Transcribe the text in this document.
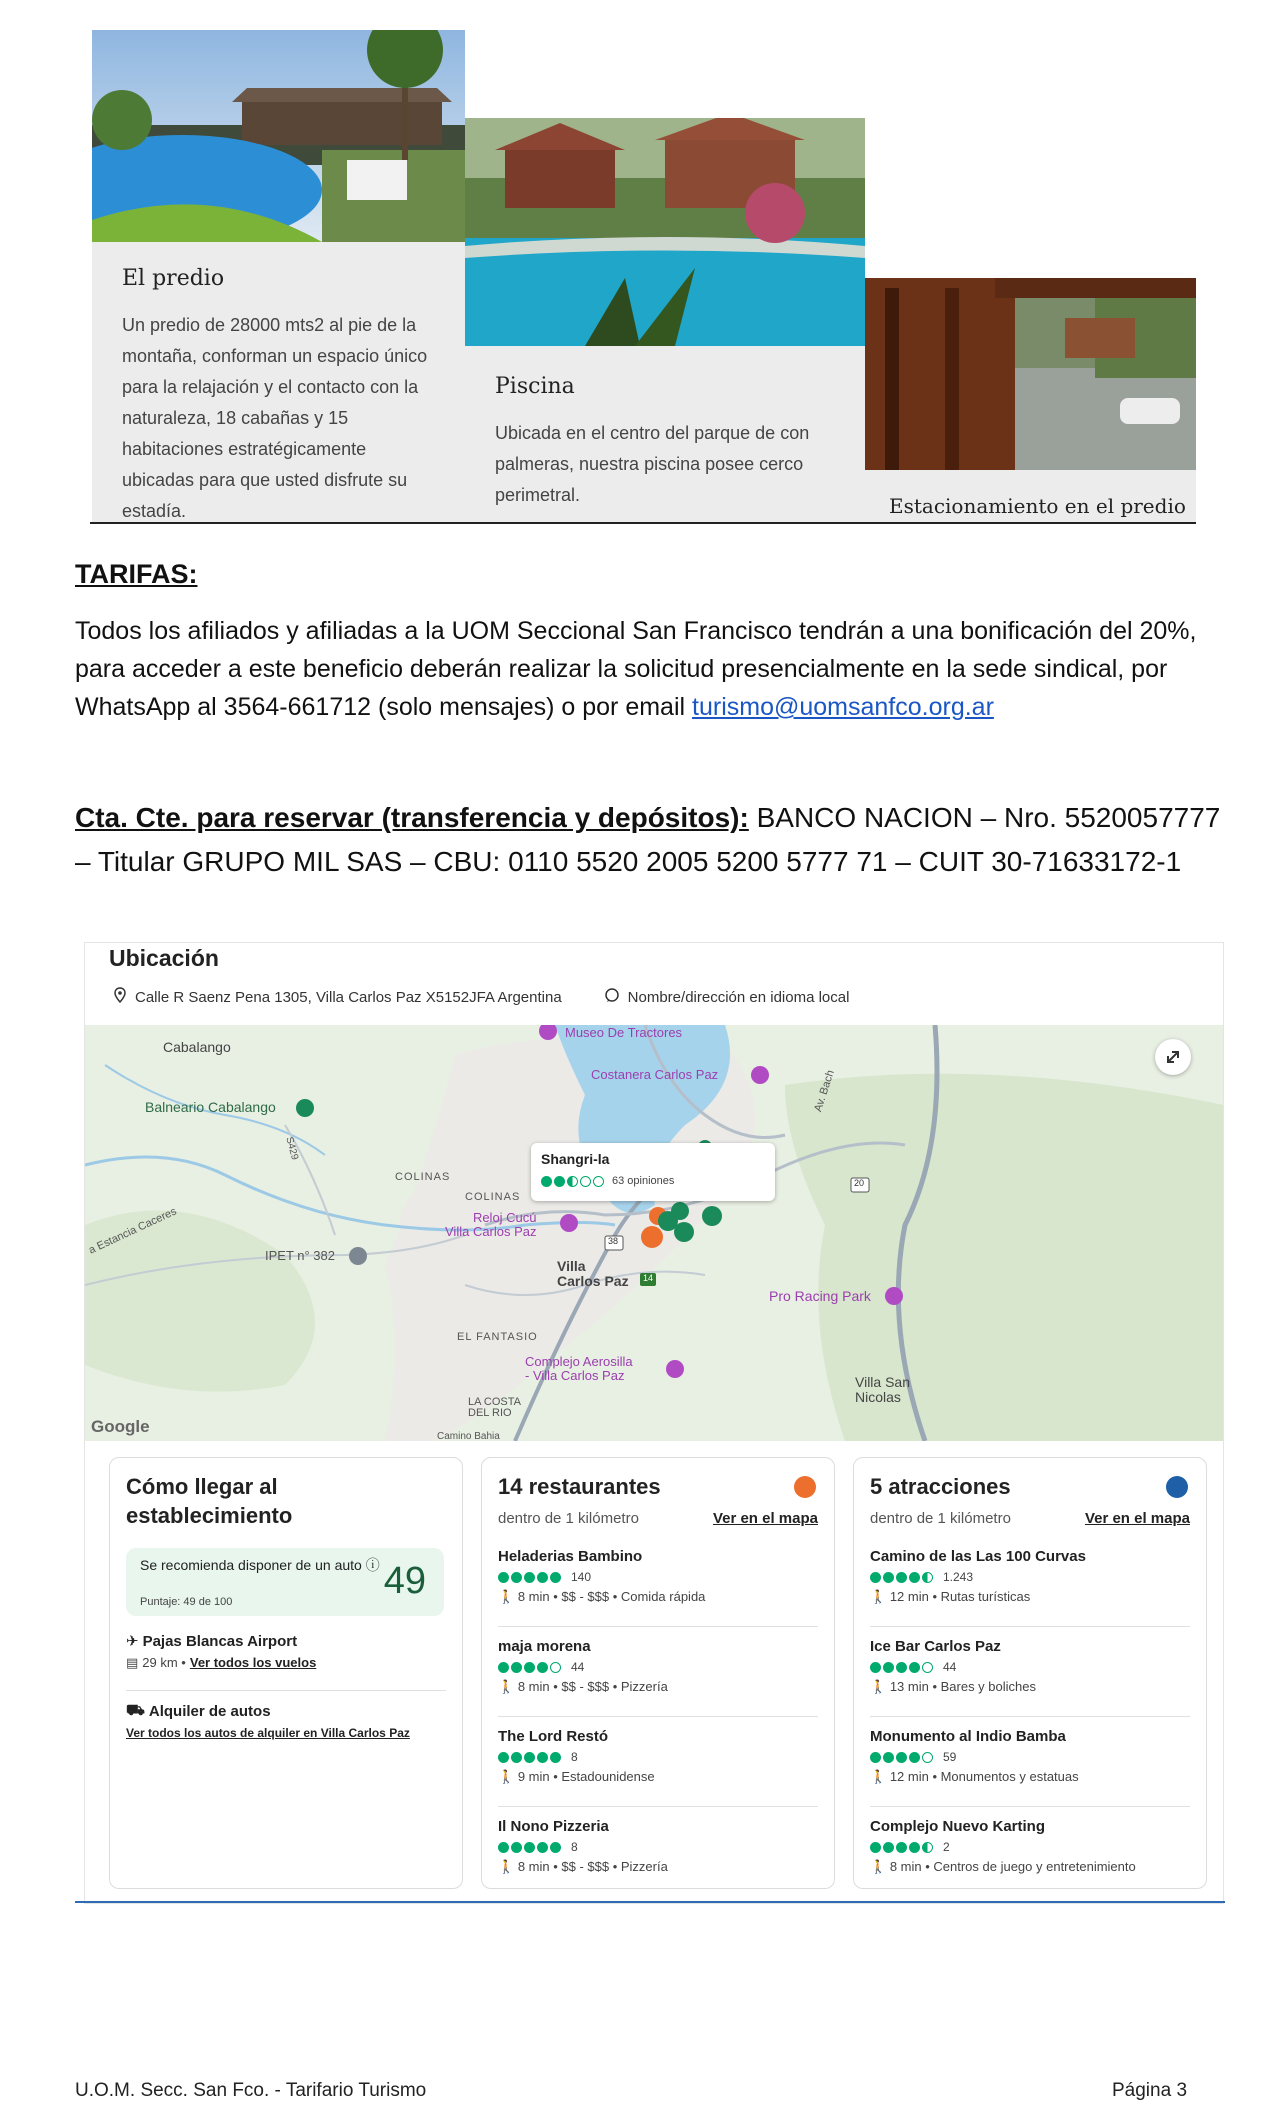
El predio

Un predio de 28000 mts2 al pie de la montaña, conforman un espacio único para la relajación y el contacto con la naturaleza, 18 cabañas y 15 habitaciones estratégicamente ubicadas para que usted disfrute su estadía.

Piscina

Ubicada en el centro del parque de con palmeras, nuestra piscina posee cerco perimetral.	Estacionamiento en el predio
TARIFAS:
Todos los afiliados y afiliadas a la UOM Seccional San Francisco tendrán a una bonificación del 20%, para acceder a este beneficio deberán realizar la solicitud presencialmente en la sede sindical, por WhatsApp al 3564-661712 (solo mensajes) o por email turismo@uomsanfco.org.ar
Cta. Cte. para reservar (transferencia y depósitos): BANCO NACION – Nro. 5520057777 – Titular GRUPO MIL SAS – CBU: 0110 5520 2005 5200 5777 71 – CUIT 30-71633172-1
Ubicación
Calle R Saenz Pena 1305, Villa Carlos Paz X5152JFA Argentina	Nombre/dirección en idioma local
Cabalango
Balneario Cabalango
Museo De Tractores
Costanera Carlos Paz
COLINAS
COLINAS
Reloj Cucú
Villa Carlos Paz
IPET n° 382
Villa
Carlos Paz
Pro Racing Park
EL FANTASIO
Complejo Aerosilla
- Villa Carlos Paz
LA COSTA
DEL RIO
Villa San
Nicolas
Av. Bach
a Estancia Caceres
S429
20
38
14
Camino Bahia
Google
Shangri-la
63 opiniones
Cómo llegar al establecimiento
Se recomienda disponer de un auto ⓘ
Puntaje: 49 de 100	49
✈ Pajas Blancas Airport
▤ 29 km • Ver todos los vuelos
⛟ Alquiler de autos
Ver todos los autos de alquiler en Villa Carlos Paz
14 restaurantes
dentro de 1 kilómetro	Ver en el mapa
Heladerias Bambino
140
🚶 8 min • $$ - $$$ • Comida rápida
maja morena
44
🚶 8 min • $$ - $$$ • Pizzería
The Lord Restó
8
🚶 9 min • Estadounidense
Il Nono Pizzeria
8
🚶 8 min • $$ - $$$ • Pizzería
5 atracciones
dentro de 1 kilómetro	Ver en el mapa
Camino de las Las 100 Curvas
1.243
🚶 12 min • Rutas turísticas
Ice Bar Carlos Paz
44
🚶 13 min • Bares y boliches
Monumento al Indio Bamba
59
🚶 12 min • Monumentos y estatuas
Complejo Nuevo Karting
2
🚶 8 min • Centros de juego y entretenimiento
U.O.M. Secc. San Fco. - Tarifario Turismo	Página 3
